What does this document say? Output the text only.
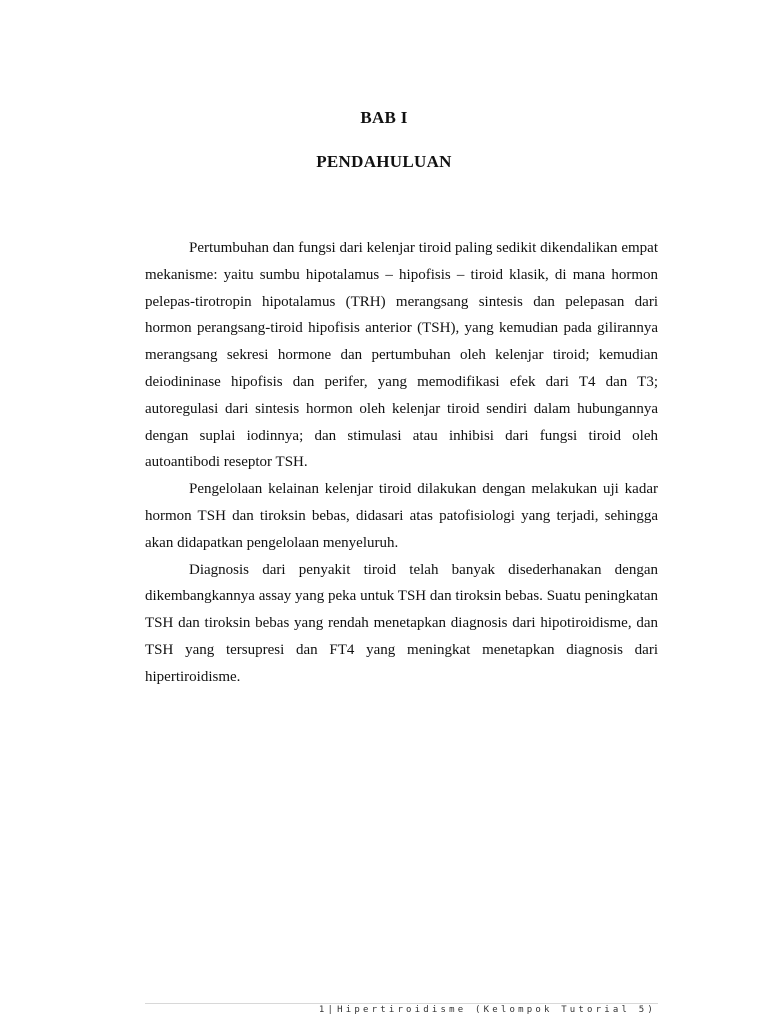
BAB I
PENDAHULUAN

Pertumbuhan dan fungsi dari kelenjar tiroid paling sedikit dikendalikan empat mekanisme: yaitu sumbu hipotalamus – hipofisis – tiroid klasik, di mana hormon pelepas-tirotropin hipotalamus (TRH) merangsang sintesis dan pelepasan dari hormon perangsang-tiroid hipofisis anterior (TSH), yang kemudian pada gilirannya merangsang sekresi hormone dan pertumbuhan oleh kelenjar tiroid; kemudian deiodininase hipofisis dan perifer, yang memodifikasi efek dari T4 dan T3; autoregulasi dari sintesis hormon oleh kelenjar tiroid sendiri dalam hubungannya dengan suplai iodinnya; dan stimulasi atau inhibisi dari fungsi tiroid oleh autoantibodi reseptor TSH.

Pengelolaan kelainan kelenjar tiroid dilakukan dengan melakukan uji kadar hormon TSH dan tiroksin bebas, didasari atas patofisiologi yang terjadi, sehingga akan didapatkan pengelolaan menyeluruh.

Diagnosis dari penyakit tiroid telah banyak disederhanakan dengan dikembangkannya assay yang peka untuk TSH dan tiroksin bebas. Suatu peningkatan TSH dan tiroksin bebas yang rendah menetapkan diagnosis dari hipotiroidisme, dan TSH yang tersupresi dan FT4 yang meningkat menetapkan diagnosis dari hipertiroidisme.

1|Hipertiroidisme (Kelompok Tutorial 5)
